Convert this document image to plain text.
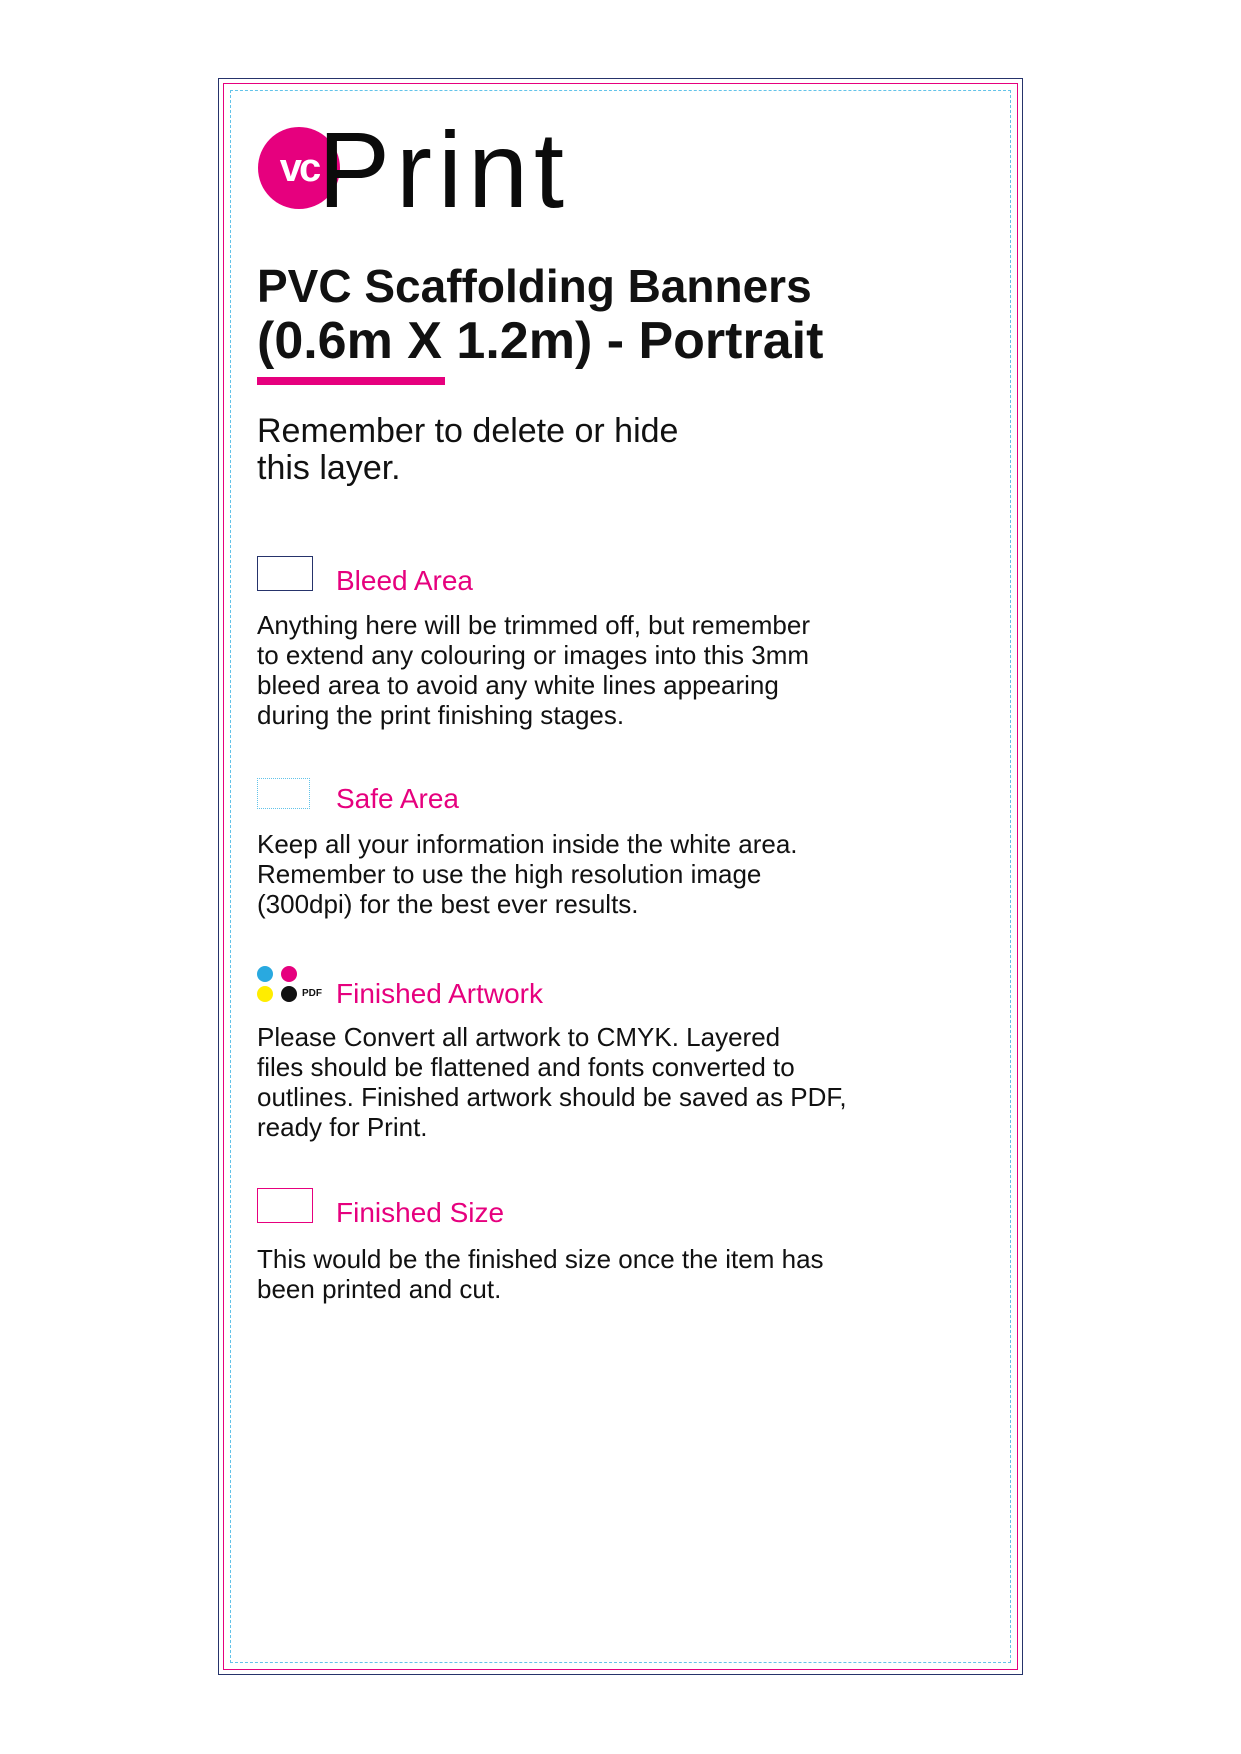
vc Print
PVC Scaffolding Banners
(0.6m X 1.2m) - Portrait
Remember to delete or hide
this layer.
Bleed Area
Anything here will be trimmed off, but remember
to extend any colouring or images into this 3mm
bleed area to avoid any white lines appearing
during the print finishing stages.
Safe Area
Keep all your information inside the white area.
Remember to use the high resolution image
(300dpi) for the best ever results.
PDF Finished Artwork
Please Convert all artwork to CMYK. Layered
files should be flattened and fonts converted to
outlines. Finished artwork should be saved as PDF,
ready for Print.
Finished Size
This would be the finished size once the item has
been printed and cut.
